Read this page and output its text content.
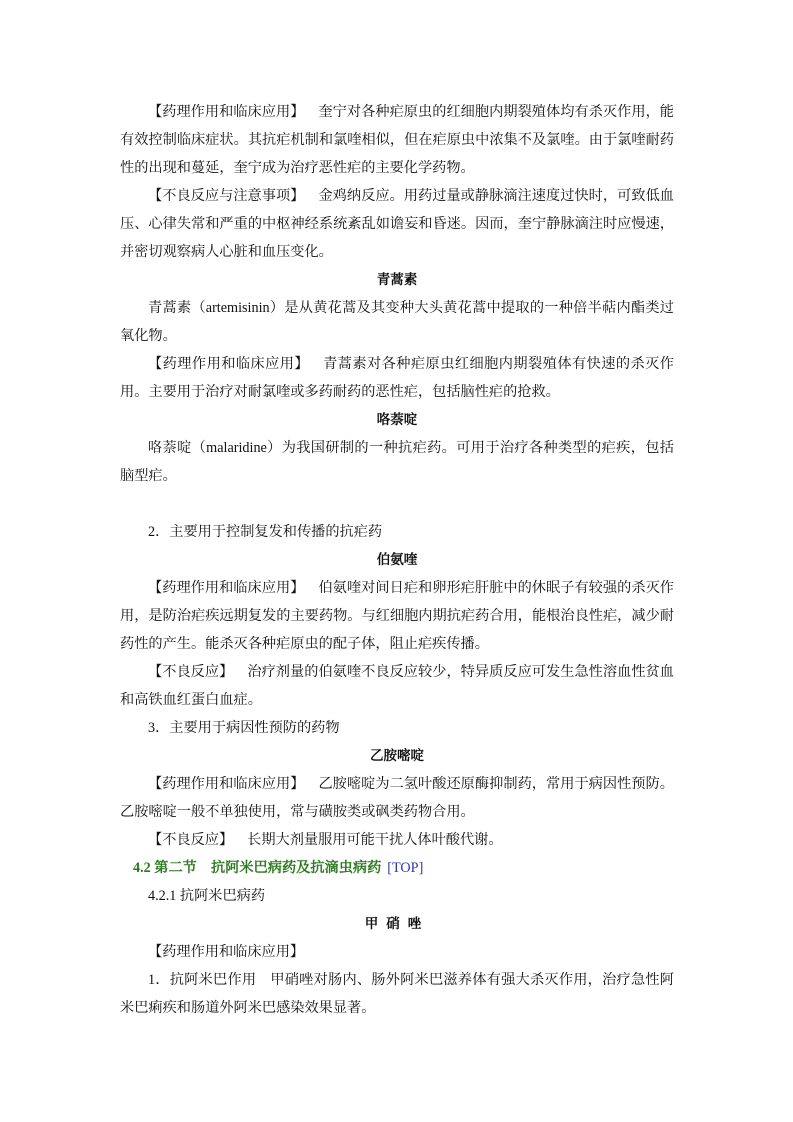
【药理作用和临床应用】 奎宁对各种疟原虫的红细胞内期裂殖体均有杀灭作用，能有效控制临床症状。其抗疟机制和氯喹相似，但在疟原虫中浓集不及氯喹。由于氯喹耐药性的出现和蔓延，奎宁成为治疗恶性疟的主要化学药物。

【不良反应与注意事项】 金鸡纳反应。用药过量或静脉滴注速度过快时，可致低血压、心律失常和严重的中枢神经系统紊乱如谵妄和昏迷。因而，奎宁静脉滴注时应慢速，并密切观察病人心脏和血压变化。

青蒿素

青蒿素（artemisinin）是从黄花蒿及其变种大头黄花蒿中提取的一种倍半萜内酯类过氧化物。

【药理作用和临床应用】 青蒿素对各种疟原虫红细胞内期裂殖体有快速的杀灭作用。主要用于治疗对耐氯喹或多药耐药的恶性疟，包括脑性疟的抢救。

咯萘啶

咯萘啶（malaridine）为我国研制的一种抗疟药。可用于治疗各种类型的疟疾，包括脑型疟。

2．主要用于控制复发和传播的抗疟药

伯氨喹

【药理作用和临床应用】 伯氨喹对间日疟和卵形疟肝脏中的休眠子有较强的杀灭作用，是防治疟疾远期复发的主要药物。与红细胞内期抗疟药合用，能根治良性疟，减少耐药性的产生。能杀灭各种疟原虫的配子体，阻止疟疾传播。

【不良反应】 治疗剂量的伯氨喹不良反应较少，特异质反应可发生急性溶血性贫血和高铁血红蛋白血症。

3．主要用于病因性预防的药物

乙胺嘧啶

【药理作用和临床应用】 乙胺嘧啶为二氢叶酸还原酶抑制药，常用于病因性预防。乙胺嘧啶一般不单独使用，常与磺胺类或砜类药物合用。

【不良反应】 长期大剂量服用可能干扰人体叶酸代谢。

4.2 第二节　抗阿米巴病药及抗滴虫病药 [TOP]

4.2.1 抗阿米巴病药

甲硝唑

【药理作用和临床应用】

1．抗阿米巴作用 甲硝唑对肠内、肠外阿米巴滋养体有强大杀灭作用，治疗急性阿米巴痢疾和肠道外阿米巴感染效果显著。
